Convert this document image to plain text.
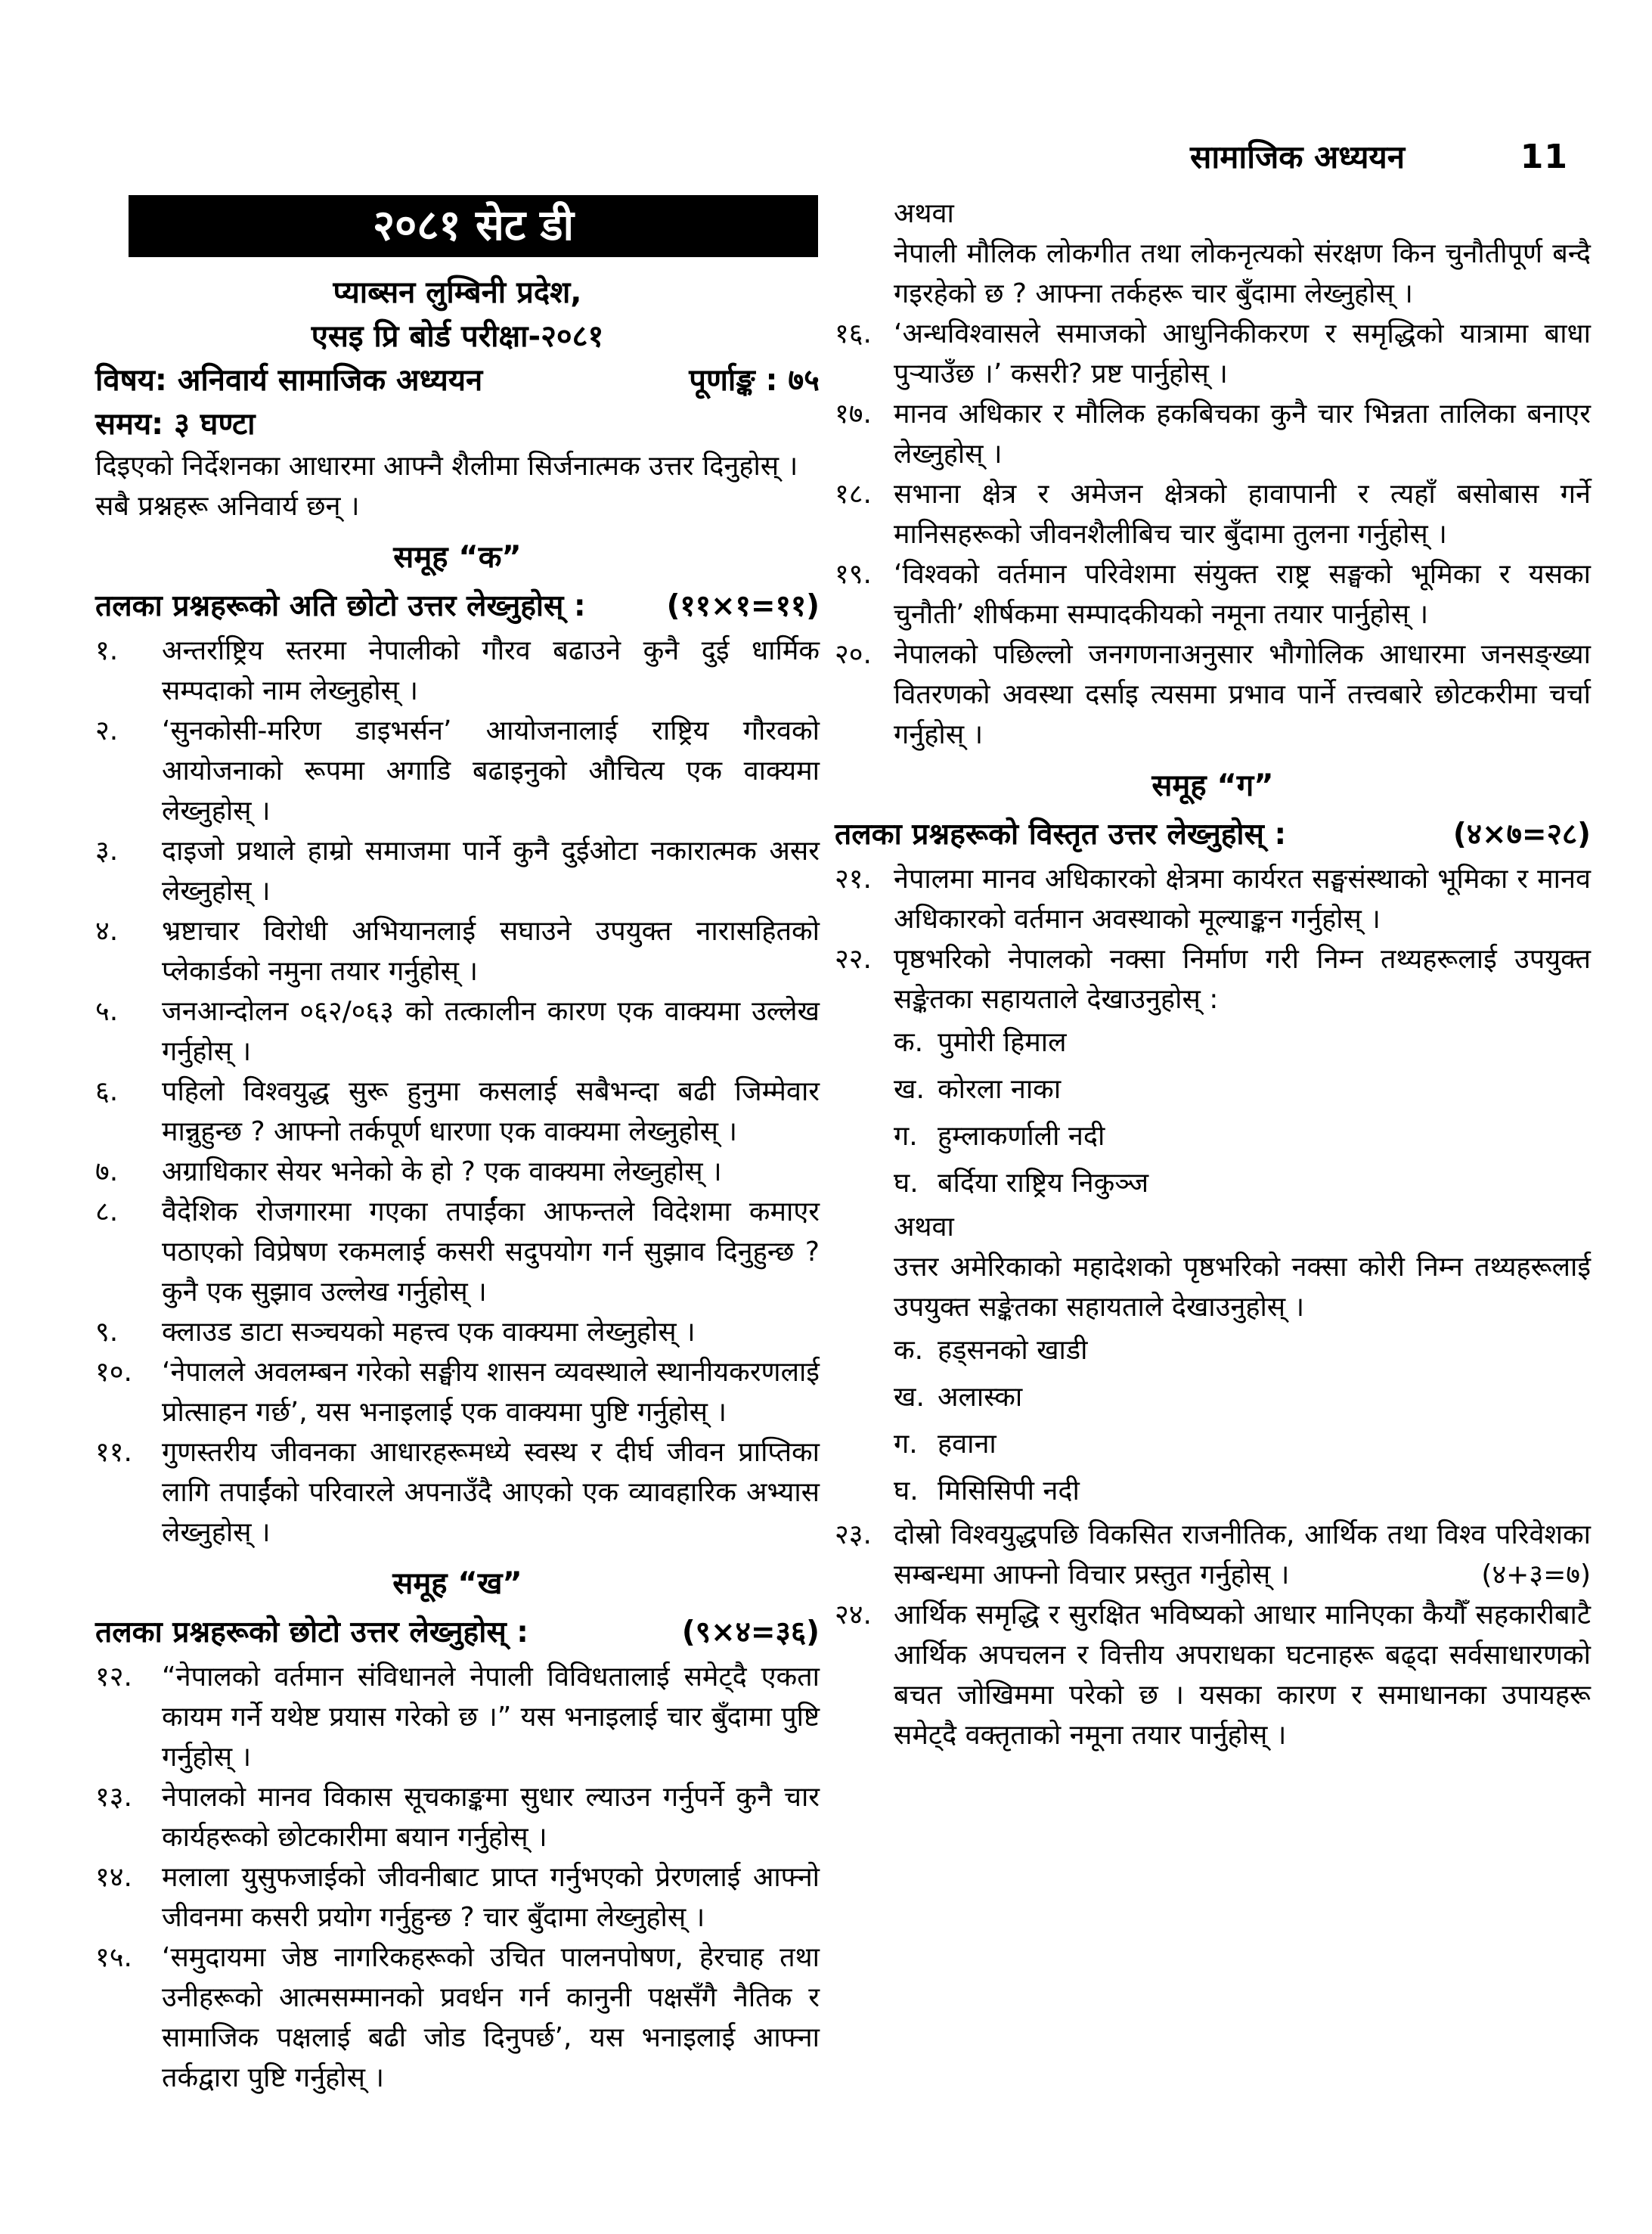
सामाजिक अध्ययन	11
२०८१ सेट डी
प्याब्सन लुम्बिनी प्रदेश,
एसइ प्रि बोर्ड परीक्षा-२०८१
विषय: अनिवार्य सामाजिक अध्ययन	पूर्णाङ्क : ७५
समय: ३ घण्टा
दिइएको निर्देशनका आधारमा आफ्नै शैलीमा सिर्जनात्मक उत्तर दिनुहोस् ।
सबै प्रश्नहरू अनिवार्य छन् ।
समूह “क”
तलका प्रश्नहरूको अति छोटो उत्तर लेख्नुहोस् :	(११×१=११)
१. अन्तर्राष्ट्रिय स्तरमा नेपालीको गौरव बढाउने कुनै दुई धार्मिक सम्पदाको नाम लेख्नुहोस् ।
२. ‘सुनकोसी-मरिण डाइभर्सन’ आयोजनालाई राष्ट्रिय गौरवको आयोजनाको रूपमा अगाडि बढाइनुको औचित्य एक वाक्यमा लेख्नुहोस् ।
३. दाइजो प्रथाले हाम्रो समाजमा पार्ने कुनै दुईओटा नकारात्मक असर लेख्नुहोस् ।
४. भ्रष्टाचार विरोधी अभियानलाई सघाउने उपयुक्त नारासहितको प्लेकार्डको नमुना तयार गर्नुहोस् ।
५. जनआन्दोलन ०६२/०६३ को तत्कालीन कारण एक वाक्यमा उल्लेख गर्नुहोस् ।
६. पहिलो विश्वयुद्ध सुरू हुनुमा कसलाई सबैभन्दा बढी जिम्मेवार मान्नुहुन्छ ? आफ्नो तर्कपूर्ण धारणा एक वाक्यमा लेख्नुहोस् ।
७. अग्राधिकार सेयर भनेको के हो ? एक वाक्यमा लेख्नुहोस् ।
८. वैदेशिक रोजगारमा गएका तपाईंका आफन्तले विदेशमा कमाएर पठाएको विप्रेषण रकमलाई कसरी सदुपयोग गर्न सुझाव दिनुहुन्छ ? कुनै एक सुझाव उल्लेख गर्नुहोस् ।
९. क्लाउड डाटा सञ्चयको महत्त्व एक वाक्यमा लेख्नुहोस् ।
१०. ‘नेपालले अवलम्बन गरेको सङ्घीय शासन व्यवस्थाले स्थानीयकरणलाई प्रोत्साहन गर्छ’, यस भनाइलाई एक वाक्यमा पुष्टि गर्नुहोस् ।
११. गुणस्तरीय जीवनका आधारहरूमध्ये स्वस्थ र दीर्घ जीवन प्राप्तिका लागि तपाईंको परिवारले अपनाउँदै आएको एक व्यावहारिक अभ्यास लेख्नुहोस् ।
समूह “ख”
तलका प्रश्नहरूको छोटो उत्तर लेख्नुहोस् :	(९×४=३६)
१२. “नेपालको वर्तमान संविधानले नेपाली विविधतालाई समेट्दै एकता कायम गर्ने यथेष्ट प्रयास गरेको छ ।” यस भनाइलाई चार बुँदामा पुष्टि गर्नुहोस् ।
१३. नेपालको मानव विकास सूचकाङ्कमा सुधार ल्याउन गर्नुपर्ने कुनै चार कार्यहरूको छोटकारीमा बयान गर्नुहोस् ।
१४. मलाला युसुफजाईको जीवनीबाट प्राप्त गर्नुभएको प्रेरणलाई आफ्नो जीवनमा कसरी प्रयोग गर्नुहुन्छ ? चार बुँदामा लेख्नुहोस् ।
१५. ‘समुदायमा जेष्ठ नागरिकहरूको उचित पालनपोषण, हेरचाह तथा उनीहरूको आत्मसम्मानको प्रवर्धन गर्न कानुनी पक्षसँगै नैतिक र सामाजिक पक्षलाई बढी जोड दिनुपर्छ’, यस भनाइलाई आफ्ना तर्कद्वारा पुष्टि गर्नुहोस् ।
अथवा
नेपाली मौलिक लोकगीत तथा लोकनृत्यको संरक्षण किन चुनौतीपूर्ण बन्दै गइरहेको छ ? आफ्ना तर्कहरू चार बुँदामा लेख्नुहोस् ।
१६. ‘अन्धविश्वासले समाजको आधुनिकीकरण र समृद्धिको यात्रामा बाधा पुऱ्याउँछ ।’ कसरी? प्रष्ट पार्नुहोस् ।
१७. मानव अधिकार र मौलिक हकबिचका कुनै चार भिन्नता तालिका बनाएर लेख्नुहोस् ।
१८. सभाना क्षेत्र र अमेजन क्षेत्रको हावापानी र त्यहाँ बसोबास गर्ने मानिसहरूको जीवनशैलीबिच चार बुँदामा तुलना गर्नुहोस् ।
१९. ‘विश्वको वर्तमान परिवेशमा संयुक्त राष्ट्र सङ्घको भूमिका र यसका चुनौती’ शीर्षकमा सम्पादकीयको नमूना तयार पार्नुहोस् ।
२०. नेपालको पछिल्लो जनगणनाअनुसार भौगोलिक आधारमा जनसङ्ख्या वितरणको अवस्था दर्साइ त्यसमा प्रभाव पार्ने तत्त्वबारे छोटकरीमा चर्चा गर्नुहोस् ।
समूह “ग”
तलका प्रश्नहरूको विस्तृत उत्तर लेख्नुहोस् :	(४×७=२८)
२१. नेपालमा मानव अधिकारको क्षेत्रमा कार्यरत सङ्घसंस्थाको भूमिका र मानव अधिकारको वर्तमान अवस्थाको मूल्याङ्कन गर्नुहोस् ।
२२. पृष्ठभरिको नेपालको नक्सा निर्माण गरी निम्न तथ्यहरूलाई उपयुक्त सङ्केतका सहायताले देखाउनुहोस् :
क. पुमोरी हिमाल
ख. कोरला नाका
ग. हुम्लाकर्णाली नदी
घ. बर्दिया राष्ट्रिय निकुञ्ज
अथवा
उत्तर अमेरिकाको महादेशको पृष्ठभरिको नक्सा कोरी निम्न तथ्यहरूलाई उपयुक्त सङ्केतका सहायताले देखाउनुहोस् ।
क. हड्सनको खाडी
ख. अलास्का
ग. हवाना
घ. मिसिसिपी नदी
२३. दोस्रो विश्वयुद्धपछि विकसित राजनीतिक, आर्थिक तथा विश्व परिवेशका सम्बन्धमा आफ्नो विचार प्रस्तुत गर्नुहोस् ।	(४+३=७)
२४. आर्थिक समृद्धि र सुरक्षित भविष्यको आधार मानिएका कैयौँ सहकारीबाटै आर्थिक अपचलन र वित्तीय अपराधका घटनाहरू बढ्दा सर्वसाधारणको बचत जोखिममा परेको छ । यसका कारण र समाधानका उपायहरू समेट्दै वक्तृताको नमूना तयार पार्नुहोस् ।
